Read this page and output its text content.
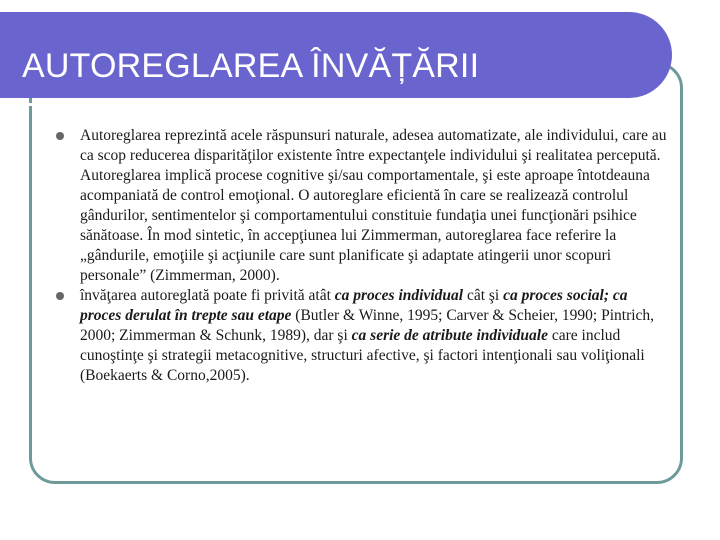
AUTOREGLAREA ÎNVĂȚĂRII
Autoreglarea reprezintă acele răspunsuri naturale, adesea automatizate, ale individului, care au ca scop reducerea disparităţilor existente între expectanţele individului şi realitatea percepută. Autoreglarea implică procese cognitive şi/sau comportamentale, şi este aproape întotdeauna acompaniată de control emoţional. O autoreglare eficientă în care se realizează controlul gândurilor, sentimentelor şi comportamentului constituie fundaţia unei funcţionări psihice sănătoase. În mod sintetic, în accepţiunea lui Zimmerman, autoreglarea face referire la „gândurile, emoţiile şi acţiunile care sunt planificate şi adaptate atingerii unor scopuri personale” (Zimmerman, 2000).
învăţarea autoreglată poate fi privită atât ca proces individual cât şi ca proces social; ca proces derulat în trepte sau etape (Butler & Winne, 1995; Carver & Scheier, 1990; Pintrich, 2000; Zimmerman & Schunk, 1989), dar şi ca serie de atribute individuale care includ cunoştinţe şi strategii metacognitive, structuri afective, şi factori intenţionali sau voliţionali (Boekaerts & Corno,2005).
